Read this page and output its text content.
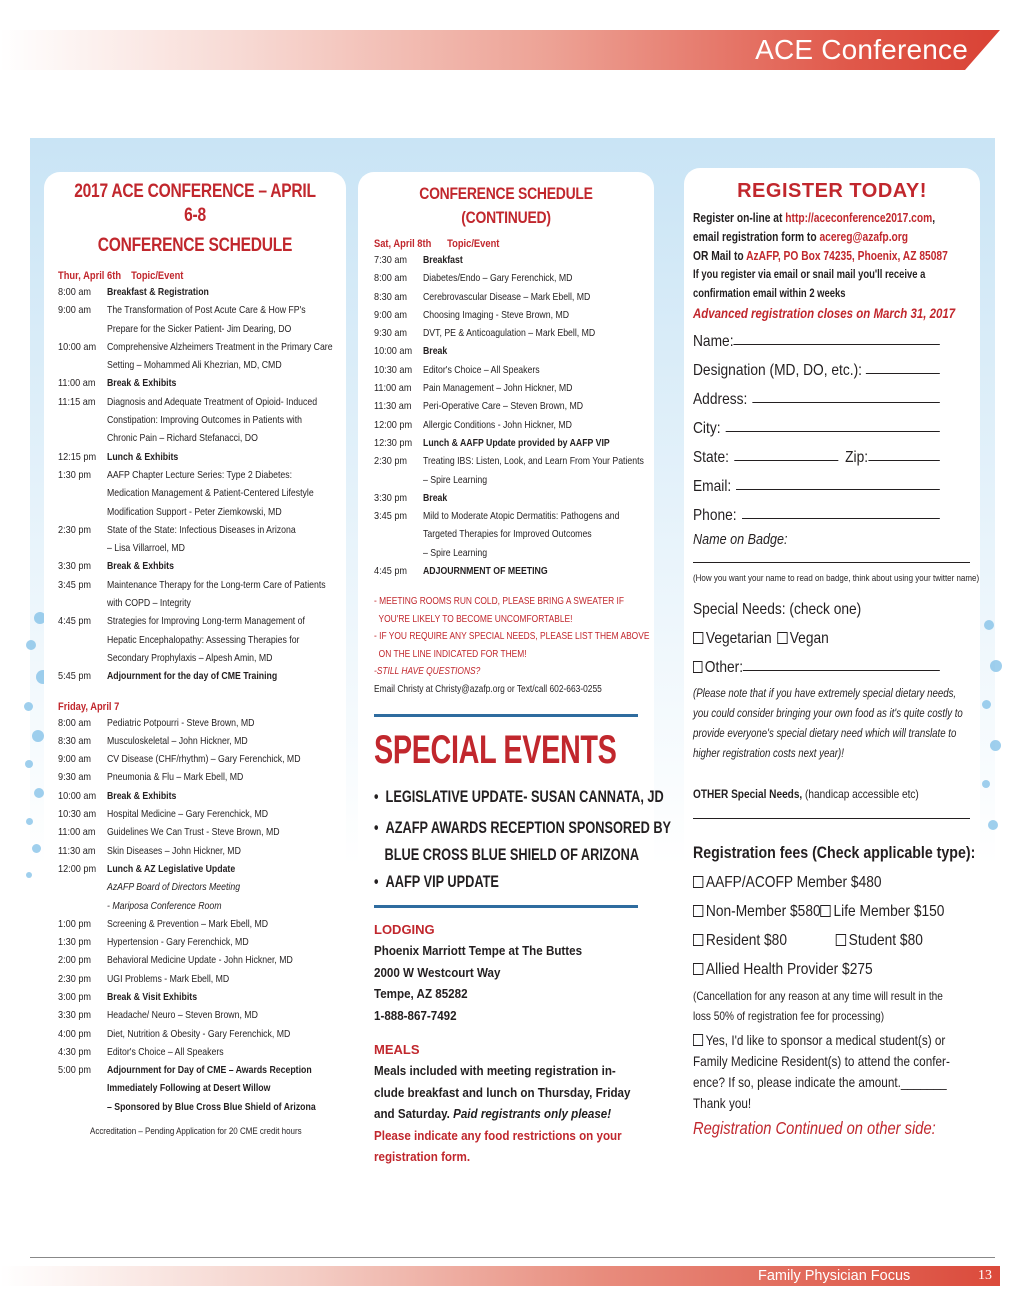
ACE Conference
2017 ACE CONFERENCE – APRIL 6-8
CONFERENCE SCHEDULE
Thur, April 6th Topic/Event
8:00 am	Breakfast & Registration
9:00 am	The Transformation of Post Acute Care & How FP's
Prepare for the Sicker Patient- Jim Dearing, DO
10:00 am	Comprehensive Alzheimers Treatment in the Primary Care
Setting – Mohammed Ali Khezrian, MD, CMD
11:00 am	Break & Exhibits
11:15 am	Diagnosis and Adequate Treatment of Opioid- Induced
Constipation: Improving Outcomes in Patients with
Chronic Pain – Richard Stefanacci, DO
12:15 pm	Lunch & Exhibits
1:30 pm	AAFP Chapter Lecture Series: Type 2 Diabetes:
Medication Management & Patient-Centered Lifestyle
Modification Support - Peter Ziemkowski, MD
2:30 pm	State of the State: Infectious Diseases in Arizona
– Lisa Villarroel, MD
3:30 pm	Break & Exhbits
3:45 pm	Maintenance Therapy for the Long-term Care of Patients
with COPD – Integrity
4:45 pm	Strategies for Improving Long-term Management of
Hepatic Encephalopathy: Assessing Therapies for
Secondary Prophylaxis – Alpesh Amin, MD
5:45 pm	Adjournment for the day of CME Training
Friday, April 7
8:00 am	Pediatric Potpourri - Steve Brown, MD
8:30 am	Musculoskeletal – John Hickner, MD
9:00 am	CV Disease (CHF/rhythm) – Gary Ferenchick, MD
9:30 am	Pneumonia & Flu – Mark Ebell, MD
10:00 am	Break & Exhibits
10:30 am	Hospital Medicine – Gary Ferenchick, MD
11:00 am	Guidelines We Can Trust - Steve Brown, MD
11:30 am	Skin Diseases – John Hickner, MD
12:00 pm	Lunch & AZ Legislative Update
AzAFP Board of Directors Meeting
- Mariposa Conference Room
1:00 pm	Screening & Prevention – Mark Ebell, MD
1:30 pm	Hypertension - Gary Ferenchick, MD
2:00 pm	Behavioral Medicine Update - John Hickner, MD
2:30 pm	UGI Problems - Mark Ebell, MD
3:00 pm	Break & Visit Exhibits
3:30 pm	Headache/ Neuro – Steven Brown, MD
4:00 pm	Diet, Nutrition & Obesity - Gary Ferenchick, MD
4:30 pm	Editor's Choice – All Speakers
5:00 pm	Adjournment for Day of CME – Awards Reception
Immediately Following at Desert Willow
– Sponsored by Blue Cross Blue Shield of Arizona
Accreditation – Pending Application for 20 CME credit hours
CONFERENCE SCHEDULE (CONTINUED)
Sat, April 8th Topic/Event
7:30 am	Breakfast
8:00 am	Diabetes/Endo – Gary Ferenchick, MD
8:30 am	Cerebrovascular Disease – Mark Ebell, MD
9:00 am	Choosing Imaging - Steve Brown, MD
9:30 am	DVT, PE & Anticoagulation – Mark Ebell, MD
10:00 am	Break
10:30 am	Editor's Choice – All Speakers
11:00 am	Pain Management – John Hickner, MD
11:30 am	Peri-Operative Care – Steven Brown, MD
12:00 pm	Allergic Conditions - John Hickner, MD
12:30 pm	Lunch & AAFP Update provided by AAFP VIP
2:30 pm	Treating IBS: Listen, Look, and Learn From Your Patients
– Spire Learning
3:30 pm	Break
3:45 pm	Mild to Moderate Atopic Dermatitis: Pathogens and
Targeted Therapies for Improved Outcomes
– Spire Learning
4:45 pm	ADJOURNMENT OF MEETING
- MEETING ROOMS RUN COLD, PLEASE BRING A SWEATER IF
YOU'RE LIKELY TO BECOME UNCOMFORTABLE!
- IF YOU REQUIRE ANY SPECIAL NEEDS, PLEASE LIST THEM ABOVE
ON THE LINE INDICATED FOR THEM!
-STILL HAVE QUESTIONS?
Email Christy at Christy@azafp.org or Text/call 602-663-0255
SPECIAL EVENTS
•  LEGISLATIVE UPDATE- SUSAN CANNATA, JD
•  AZAFP AWARDS RECEPTION SPONSORED BY
BLUE CROSS BLUE SHIELD OF ARIZONA
•  AAFP VIP UPDATE
LODGING
Phoenix Marriott Tempe at The Buttes
2000 W Westcourt Way
Tempe, AZ 85282
1-888-867-7492
MEALS
Meals included with meeting registration in-
clude breakfast and lunch on Thursday, Friday
and Saturday. Paid registrants only please!
Please indicate any food restrictions on your
registration form.
REGISTER TODAY!
Register on-line at http://aceconference2017.com,
email registration form to acereg@azafp.org
OR Mail to AzAFP, PO Box 74235, Phoenix, AZ 85087
If you register via email or snail mail you'll receive a
confirmation email within 2 weeks
Advanced registration closes on March 31, 2017
Name:
Designation (MD, DO, etc.):
Address:
City:
State:	Zip:
Email:
Phone:
Name on Badge:
(How you want your name to read on badge, think about using your twitter name)
Special Needs: (check one)
Vegetarian	Vegan
Other:
(Please note that if you have extremely special dietary needs,
you could consider bringing your own food as it's quite costly to
provide everyone's special dietary need which will translate to
higher registration costs next year)!
OTHER Special Needs, (handicap accessible etc)
Registration fees (Check applicable type):
AAFP/ACOFP Member $480
Non-Member $580 Life Member $150
Resident $80	Student $80
Allied Health Provider $275
(Cancellation for any reason at any time will result in the
loss 50% of registration fee for processing)
Yes, I'd like to sponsor a medical student(s) or
Family Medicine Resident(s) to attend the confer-
ence? If so, please indicate the amount._______
Thank you!
Registration Continued on other side:
Family Physician Focus	13
